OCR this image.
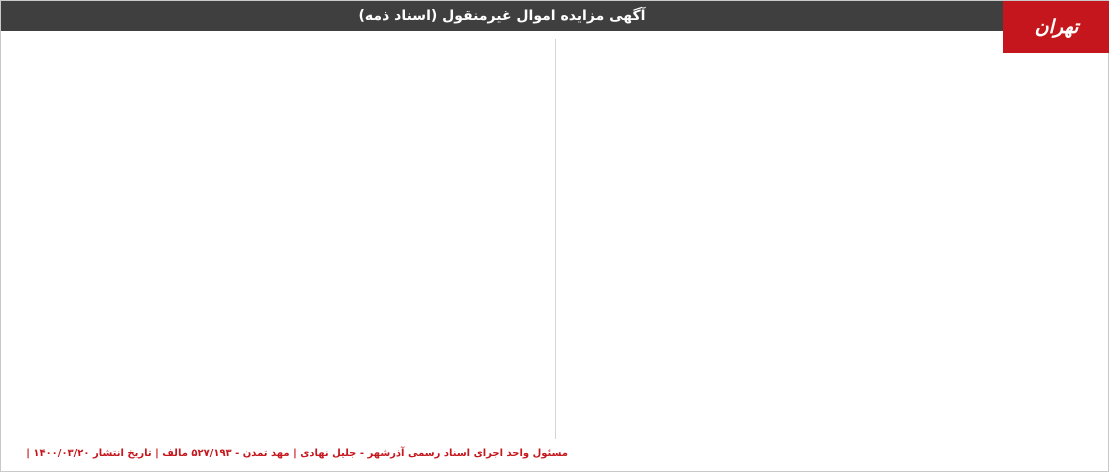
آگهی مزایده اموال غیرمنقول (اسناد ذمه)	تهران
مسئول واحد اجرای اسناد رسمی آذرشهر - جلیل نهادی | مهد تمدن - ۵۲۷/۱۹۳ مالف | تاریخ انتشار ۱۴۰۰/۰۳/۲۰ |
